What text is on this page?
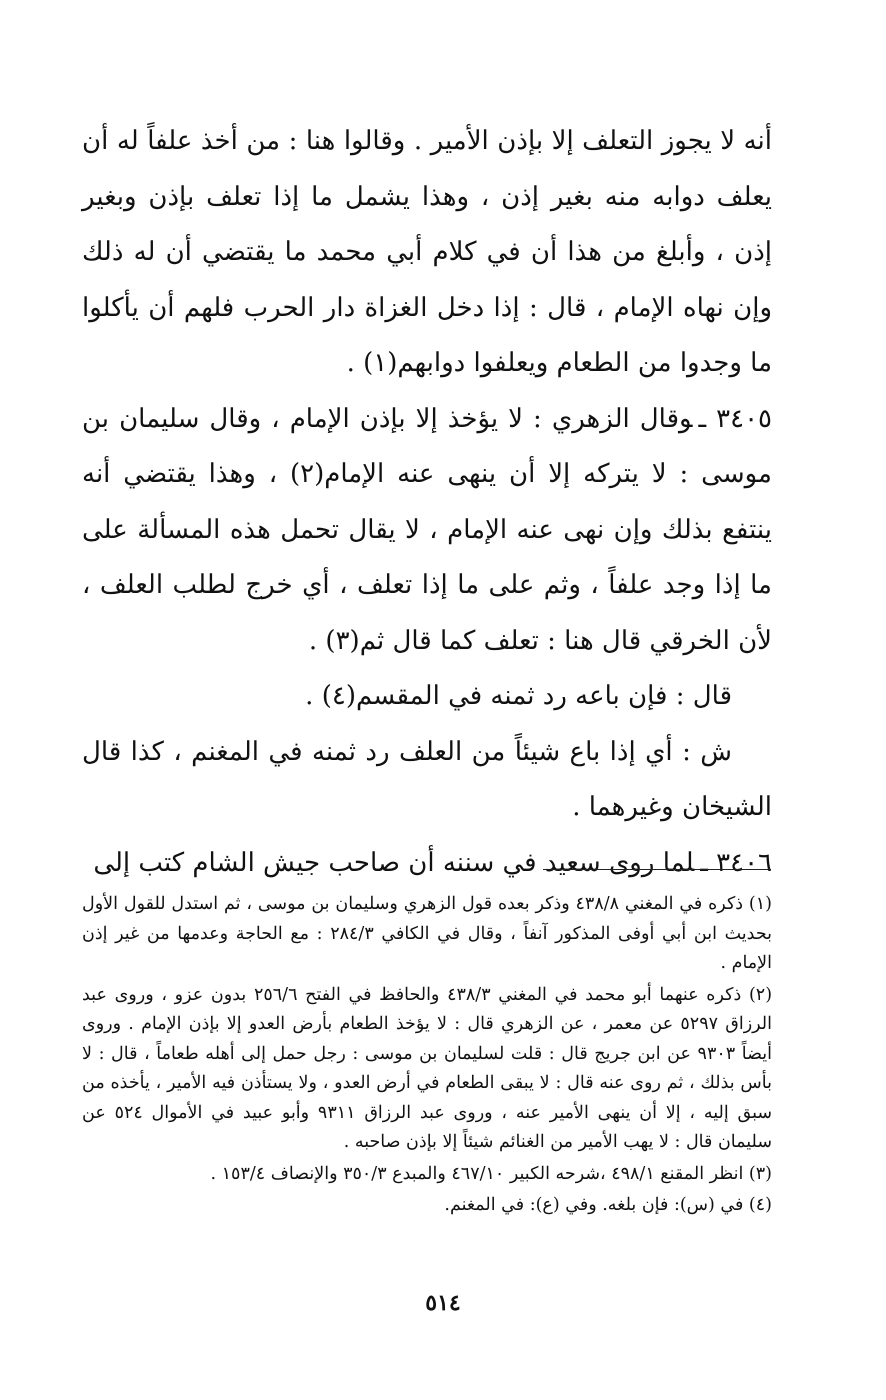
أنه لا يجوز التعلف إلا بإذن الأمير . وقالوا هنا : من أخذ علفاً له أن يعلف دوابه منه بغير إذن ، وهذا يشمل ما إذا تعلف بإذن وبغير إذن ، وأبلغ من هذا أن في كلام أبي محمد ما يقتضي أن له ذلك وإن نهاه الإمام ، قال : إذا دخل الغزاة دار الحرب فلهم أن يأكلوا ما وجدوا من الطعام ويعلفوا دوابهم(١) .

٣٤٠٥ ـوقال الزهري : لا يؤخذ إلا بإذن الإمام ، وقال سليمان بن موسى : لا يتركه إلا أن ينهى عنه الإمام(٢) ، وهذا يقتضي أنه ينتفع بذلك وإن نهى عنه الإمام ، لا يقال تحمل هذه المسألة على ما إذا وجد علفاً ، وثم على ما إذا تعلف ، أي خرج لطلب العلف ، لأن الخرقي قال هنا : تعلف كما قال ثم(٣) .

قال : فإن باعه رد ثمنه في المقسم(٤) .

ش : أي إذا باع شيئاً من العلف رد ثمنه في المغنم ، كذا قال الشيخان وغيرهما .

٣٤٠٦ ـلما روى سعيد في سننه أن صاحب جيش الشام كتب إلى

(١) ذكره في المغني ٤٣٨/٨ وذكر بعده قول الزهري وسليمان بن موسى ، ثم استدل للقول الأول بحديث ابن أبي أوفى المذكور آنفاً ، وقال في الكافي ٢٨٤/٣ : مع الحاجة وعدمها من غير إذن الإمام .

(٢) ذكره عنهما أبو محمد في المغني ٤٣٨/٣ والحافظ في الفتح ٢٥٦/٦ بدون عزو ، وروى عبد الرزاق ٥٢٩٧ عن معمر ، عن الزهري قال : لا يؤخذ الطعام بأرض العدو إلا بإذن الإمام . وروى أيضاً ٩٣٠٣ عن ابن جريج قال : قلت لسليمان بن موسى : رجل حمل إلى أهله طعاماً ، قال : لا بأس بذلك ، ثم روى عنه قال : لا يبقى الطعام في أرض العدو ، ولا يستأذن فيه الأمير ، يأخذه من سبق إليه ، إلا أن ينهى الأمير عنه ، وروى عبد الرزاق ٩٣١١ وأبو عبيد في الأموال ٥٢٤ عن سليمان قال : لا يهب الأمير من الغنائم شيئاً إلا بإذن صاحبه .

(٣) انظر المقنع ٤٩٨/١ ،شرحه الكبير ٤٦٧/١٠ والمبدع ٣٥٠/٣ والإنصاف ١٥٣/٤ .

(٤) في (س): فإن بلغه. وفي (ع): في المغنم.

٥١٤
